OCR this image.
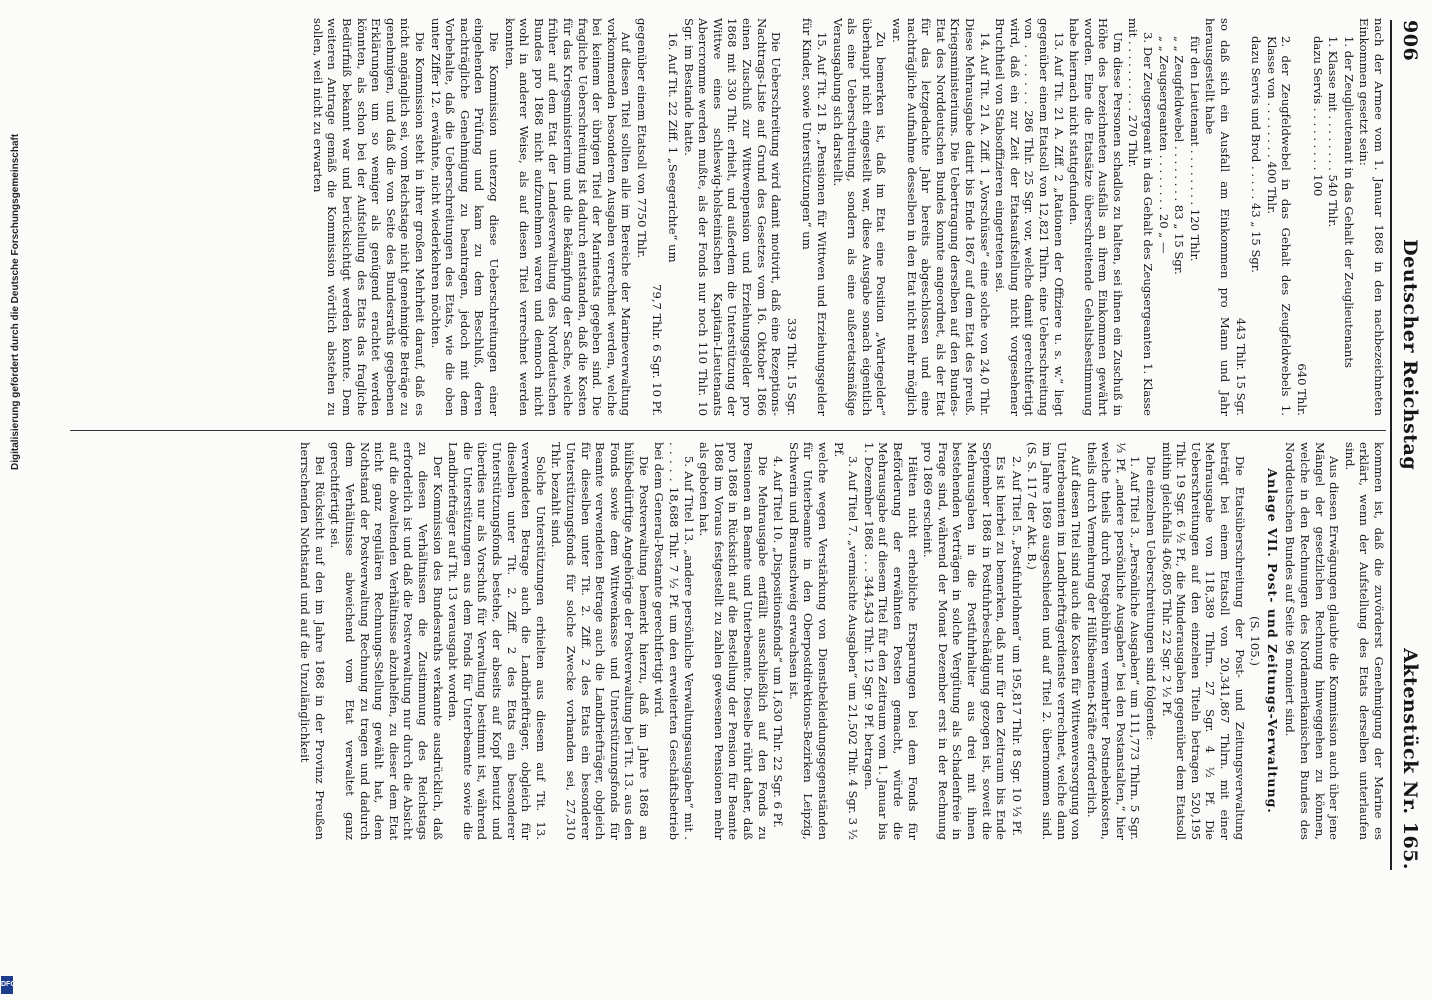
Digitalisierung gefördert durch die Deutsche Forschungsgemeinschaft
DFG
906
Deutscher Reichstag
Aktenstück Nr. 165.

nach der Armee vom 1. Januar 1868 in den nachbezeichneten Einkommen gesetzt sein:

1. der Zeuglieutenant in das Gehalt der Zeuglieutenants

1. Klasse mit . . . . . . . . 540 Thlr.

dazu Servis . . . . . . . . . 100

640 Thlr.

2. der Zeugfeldwebel in das Gehalt des Zeugfeldwebels 1. Klasse von . . . . . . . . 400 Thlr.

dazu Servis und Brod . . . . . 43 „ 15 Sgr.

443 Thlr. 15 Sgr.

so daß sich ein Ausfall am Einkommen pro Mann und Jahr herausgestellt habe

für den Lieutenant . . . . . . . . 120 Thlr.

„ „ Zeugfeldwebel . . . . . . . . 83 „ 15 Sgr.

„ „ Zeugsergeanten . . . . . . . . 20 „ —

3. Der Zeugsergeant in das Gehalt des Zeugsergeanten 1. Klasse mit . . . . . . . . . . 270 Thlr.

Um diese Personen schadlos zu halten, sei ihnen ein Zuschuß in Höhe des bezeichneten Ausfalls an ihrem Einkommen gewährt worden. Eine die Etatsätze überschreitende Gehaltsbestimmung habe hiernach nicht stattgefunden.

13. Auf Tit. 21 A. Ziff. 2 „Rationen der Offiziere u. s. w.“ liegt gegenüber einem Etatsoll von 12,821 Thlrn. eine Ueberschreitung von . . . . . . . 286 Thlr. 25 Sgr. vor, welche damit gerechtfertigt wird, daß ein zur Zeit der Etatsaufstellung nicht vorgesehener Bruchtheil von Stabsoffizieren eingetreten sei.

14. Auf Tit. 21 A. Ziff. 1 „Vorschüsse“ eine solche von 24,0 Thlr. Diese Mehrausgabe datirt bis Ende 1867 auf dem Etat des preuß. Kriegsministeriums. Die Uebertragung derselben auf den Bundes-Etat des Norddeutschen Bundes konnte angeordnet, als der Etat für das letzgedachte Jahr bereits abgeschlossen und eine nachträgliche Aufnahme desselben in den Etat nicht mehr möglich war.

Zu bemerken ist, daß im Etat eine Position „Wartegelder“ überhaupt nicht eingestellt war, diese Ausgabe sonach eigentlich als eine Ueberschreitung, sondern als eine außeretatsmäßige Verausgabung sich darstellt.

15. Auf Tit. 21 B. „Pensionen für Wittwen und Erziehungsgelder für Kinder, sowie Unterstützungen“ um

339 Thlr. 15 Sgr.

Die Ueberschreitung wird damit motivirt, daß eine Rezeptions-Nachtrags-Liste auf Grund des Gesetzes vom 16. Oktober 1866 einen Zuschuß zur Wittwenpension und Erziehungsgelder pro 1868 mit 330 Thlr. erhielt, und außerdem die Unterstützung der Wittwe eines schleswig-holsteinischen Kapitain-Lieutenants Abercromme werden mußte, als der Fonds nur noch 110 Thlr. 10 Sgr. im Bestande hatte.

16. Auf Tit. 22 Ziff. 1 „Seegerichte“ um

79,7 Thlr. 6 Sgr. 10 Pf.

gegenüber einem Etatsoll von 7750 Thlr.

Auf diesen Titel sollten alle im Bereiche der Marineverwaltung vorkommenden besonderen Ausgaben verrechnet werden, welche bei keinem der übrigen Titel der Marinetats gegeben sind. Die fragliche Ueberschreitung ist dadurch entstanden, daß die Kosten für das Kriegsministerium und die Bekämpfung der Sache, welche früher auf dem Etat der Landesverwaltung des Norddeutschen Bundes pro 1868 nicht aufzunehmen waren und dennoch nicht wohl in anderer Weise, als auf diesen Titel verrechnet werden konnten.

Die Kommission unterzog diese Ueberschreitungen einer eingehenden Prüfung und kam zu dem Beschluß, deren nachträgliche Genehmigung zu beantragen, jedoch mit dem Vorbehalte, daß die Ueberschreitungen des Etats, wie die oben unter Ziffer 12. erwähnte, nicht wiederkehren möchten.

Die Kommission steht in ihrer großen Mehrheit darauf, daß es nicht angänglich sei, vom Reichstage nicht genehmigte Beträge zu genehmigen, und daß die von Seite des Bundesraths gegebenen Erklärungen um so weniger als genügend erachtet werden könnten, als schon bei der Aufstellung des Etats das fragliche Bedürfniß bekannt war und berücksichtigt werden konnte. Dem weiteren Antrage gemäß die Kommission wörtlich abstehen zu sollen, weil nicht zu erwarten

kommen ist, daß die zuvörderst Genehmigung der Marine es erklärt, wenn der Aufstellung des Etats derselben unterlaufen sind.

Aus diesen Erwägungen glaubte die Kommission auch über jene Mängel der gesetzlichen Rechnung hinweggehen zu können, welche in den Rechnungen des Nordamerikanischen Bundes des Norddeutschen Bundes auf Seite 96 moniert sind.

Anlage VII. Post- und Zeitungs-Verwaltung.

(S. 105.)

Die Etatsüberschreitung der Post- und Zeitungsverwaltung beträgt bei einem Etatsoll von 20,341,867 Thlrn. mit einer Mehrausgabe von 118,389 Thlrn. 27 Sgr. 4 ½ Pf. Die Ueberschreitungen auf den einzelnen Titeln betragen 520,195 Thlr. 19 Sgr. 6 ½ Pf., die Minderausgaben gegenüber dem Etatsoll mithin gleichfalls 406,805 Thlr. 22 Sgr. 2 ½ Pf.

Die einzelnen Ueberschreitungen sind folgende:

1. Auf Titel 3. „Persönliche Ausgaben“ um 111,773 Thlrn. 5 Sgr. ⅓ Pf. „andere persönliche Ausgaben“ bei den Postanstalten,“ hier welche theils durch Postgebühren vermehrter Postnebenkosten, theils durch Vermehrung der Hülfsbeamten-Kräfte erforderlich.

Auf diesen Titel sind auch die Kosten für Wittwenversorgung von Unterbeamten im Landbriefträgerdienste verrechnet, welche dann im Jahre 1869 ausgeschieden und auf Titel 2. übernommen sind. (S. S. 117 der Akt. B.)

2. Auf Titel 5. „Postfuhrlohnen“ um 195,817 Thlr. 8 Sgr. 10 ⅓ Pf.

Es ist hierbei zu bemerken, daß nur für den Zeitraum bis Ende September 1868 in Postfuhrbeschädigung gezogen ist, soweit die Mehrausgaben in die Postfuhrhalter aus drei mit ihnen bestehenden Verträgen in solche Vergütung als Schadenfreie in Frage sind, während der Monat Dezember erst in der Rechnung pro 1869 erscheint.

Hätten nicht erhebliche Ersparungen bei dem Fonds für Beförderung der erwähnten Posten gemacht, würde die Mehrausgabe auf diesem Titel für den Zeitraum vom 1. Januar bis 1. Dezember 1868 . . . 344,543 Thlr. 12 Sgr. 9 Pf. betragen.

3. Auf Titel 7. „vermischte Ausgaben“ um 21,502 Thlr. 4 Sgr. 3 ½ Pf.

welche wegen Verstärkung von Dienstbekleidungsgegenständen für Unterbeamte in den Oberpostdirektions-Bezirken Leipzig, Schwerin und Braunschweig erwachsen ist.

4. Auf Titel 10. „Dispositionsfonds“ um 1,630 Thlr. 22 Sgr. 6 Pf.

Die Mehrausgabe entfällt ausschließlich auf den Fonds zu Pensionen an Beamte und Unterbeamte. Dieselbe rührt daher, daß pro 1868 in Rücksicht auf die Bestellung der Pension für Beamte 1868 im Voraus festgestellt zu zahlen gewesenen Pensionen mehr als geboten hat.

5. Auf Titel 13. „andere persönliche Verwaltungsausgaben“ mit . . . . . . 18,688 Thlr. 7 ½ Pf. um den erweiterten Geschäftsbetrieb bei dem General-Postamte gerechtfertigt wird.

Die Postverwaltung bemerkt hierzu, daß im Jahre 1868 an hülfsbedürftige Angehörige der Postverwaltung bei Tit. 13. aus den Fonds sowie dem Wittwenkasse und Unterstützungsfonds für Beamte verwendeten Betrage auch die Landbriefträger, obgleich für dieselben unter Tit. 2. Ziff. 2 des Etats ein besonderer Unterstützungsfonds für solche Zwecke vorhanden sei, 27,310 Thlr. bezahlt sind.

Solche Unterstützungen erhielten aus diesem auf Tit. 13. verwendeten Betrage auch die Landbriefträger, obgleich für dieselben unter Tit. 2. Ziff. 2 des Etats ein besonderer Unterstützungsfonds bestehe, der abseits auf Kopf benutzt und überdies nur als Vorschuß für Verwaltung bestimmt ist, während die Unterstützungen aus dem Fonds für Unterbeamte sowie die Landbriefträger auf Tit. 13 verausgabt worden.

Der Kommission des Bundesraths verkannte ausdrücklich, daß zu diesen Verhältnissen die Zustimmung des Reichstags erforderlich ist und daß die Postverwaltung nur durch die Absicht auf die obwaltenden Verhältnisse abzuhelfen, zu dieser dem Etat nicht ganz regulären Rechnungs-Stellung gewählt hat, dem Nothstand der Postverwaltung Rechnung zu tragen und dadurch dem Verhältnisse abweichend vom Etat verwaltet ganz gerechtfertigt sei.

Bei Rücksicht auf den im Jahre 1868 in der Provinz Preußen herrschenden Nothstand und auf die Unzulänglichkeit
